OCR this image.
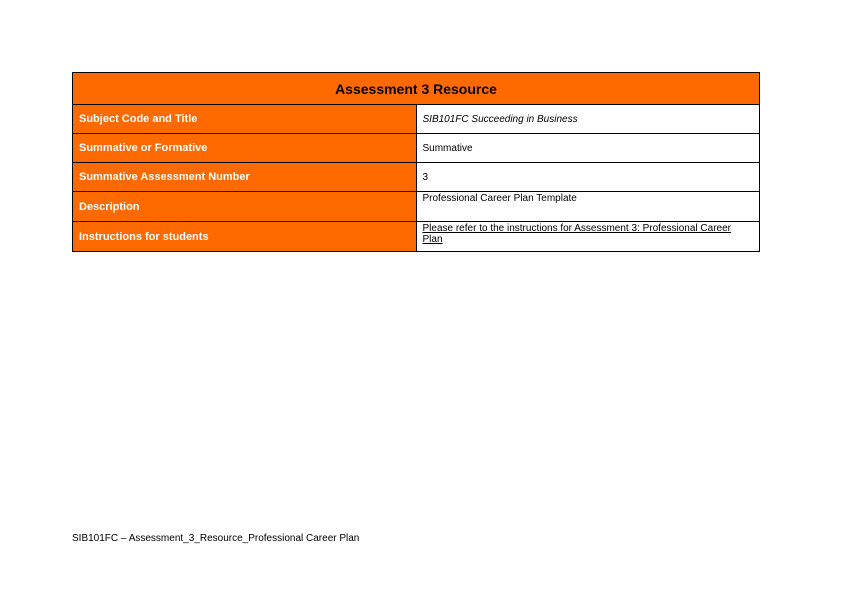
Assessment 3 Resource	
Subject Code and Title	SIB101FC Succeeding in Business
Summative or Formative	Summative
Summative Assessment Number	3
Description	Professional Career Plan Template
Instructions for students	Please refer to the instructions for Assessment 3: Professional Career Plan
SIB101FC – Assessment_3_Resource_Professional Career Plan
